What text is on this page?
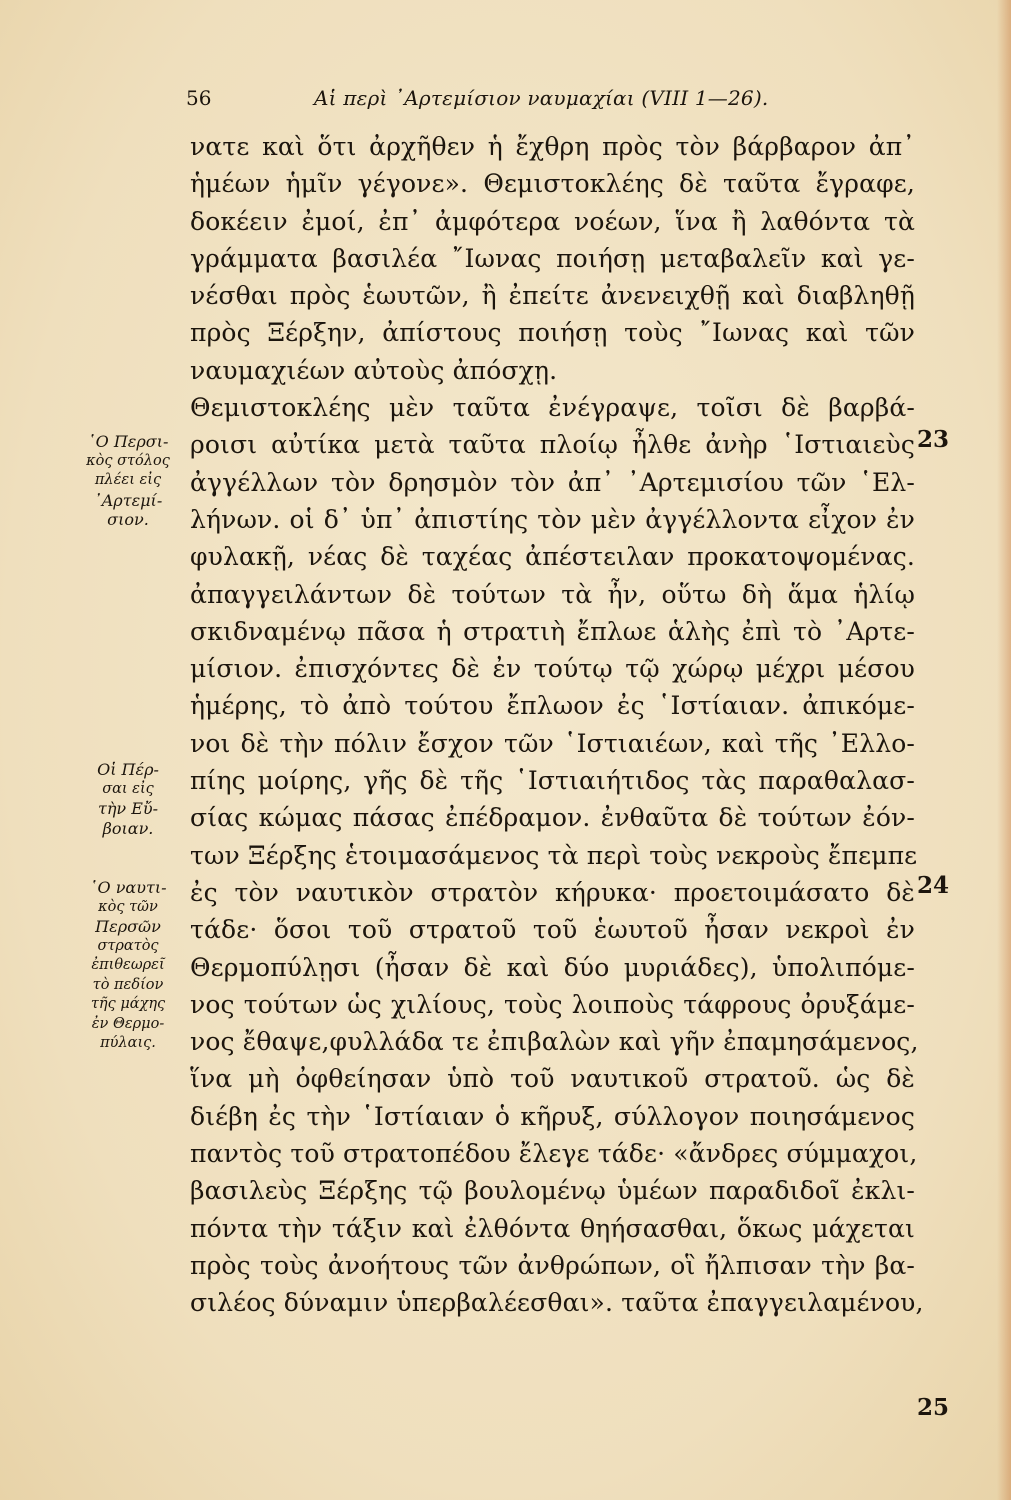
56	Αἱ περὶ ᾿Αρτεμίσιον ναυμαχίαι (VIII 1—26).
῾Ο Περσι-
κὸς στόλος
πλέει εἰς
᾿Αρτεμί-
σιον.
Οἱ Πέρ-
σαι εἰς
τὴν Εὔ-
βοιαν.
῾Ο ναυτι-
κὸς τῶν
Περσῶν
στρατὸς
ἐπιθεωρεῖ
τὸ πεδίον
τῆς μάχης
ἐν Θερμο-
πύλαις.
23
24
25
νατε καὶ ὅτι ἀρχῆθεν ἡ ἔχθρη πρὸς τὸν βάρβαρον ἀπ᾽
ἡμέων ἡμῖν γέγονε». Θεμιστοκλέης δὲ ταῦτα ἔγραφε,
δοκέειν ἐμοί, ἐπ᾽ ἀμφότερα νοέων, ἵνα ἢ λαθόντα τὰ
γράμματα βασιλέα ῎Ιωνας ποιήσῃ μεταβαλεῖν καὶ γε-
νέσθαι πρὸς ἑωυτῶν, ἢ ἐπείτε ἀνενειχθῇ καὶ διαβληθῇ
πρὸς Ξέρξην, ἀπίστους ποιήσῃ τοὺς ῎Ιωνας καὶ τῶν
ναυμαχιέων αὐτοὺς ἀπόσχῃ.
Θεμιστοκλέης μὲν ταῦτα ἐνέγραψε, τοῖσι δὲ βαρβά-
ροισι αὐτίκα μετὰ ταῦτα πλοίῳ ἦλθε ἀνὴρ ῾Ιστιαιεὺς
ἀγγέλλων τὸν δρησμὸν τὸν ἀπ᾽ ᾿Αρτεμισίου τῶν ῾Ελ-
λήνων. οἱ δ᾽ ὑπ᾽ ἀπιστίης τὸν μὲν ἀγγέλλοντα εἶχον ἐν
φυλακῇ, νέας δὲ ταχέας ἀπέστειλαν προκατοψομένας.
ἀπαγγειλάντων δὲ τούτων τὰ ἦν, οὕτω δὴ ἅμα ἡλίῳ
σκιδναμένῳ πᾶσα ἡ στρατιὴ ἔπλωε ἁλὴς ἐπὶ τὸ ᾿Αρτε-
μίσιον. ἐπισχόντες δὲ ἐν τούτῳ τῷ χώρῳ μέχρι μέσου
ἡμέρης, τὸ ἀπὸ τούτου ἔπλωον ἐς ῾Ιστίαιαν. ἀπικόμε-
νοι δὲ τὴν πόλιν ἔσχον τῶν ῾Ιστιαιέων, καὶ τῆς ᾿Ελλο-
πίης μοίρης, γῆς δὲ τῆς ῾Ιστιαιήτιδος τὰς παραθαλασ-
σίας κώμας πάσας ἐπέδραμον. ἐνθαῦτα δὲ τούτων ἐόν-
των Ξέρξης ἑτοιμασάμενος τὰ περὶ τοὺς νεκροὺς ἔπεμπε
ἐς τὸν ναυτικὸν στρατὸν κήρυκα· προετοιμάσατο δὲ
τάδε· ὅσοι τοῦ στρατοῦ τοῦ ἑωυτοῦ ἦσαν νεκροὶ ἐν
Θερμοπύλῃσι (ἦσαν δὲ καὶ δύο μυριάδες), ὑπολιπόμε-
νος τούτων ὡς χιλίους, τοὺς λοιποὺς τάφρους ὀρυξάμε-
νος ἔθαψε,φυλλάδα τε ἐπιβαλὼν καὶ γῆν ἐπαμησάμενος,
ἵνα μὴ ὀφθείησαν ὑπὸ τοῦ ναυτικοῦ στρατοῦ. ὡς δὲ
διέβη ἐς τὴν ῾Ιστίαιαν ὁ κῆρυξ, σύλλογον ποιησάμενος
παντὸς τοῦ στρατοπέδου ἔλεγε τάδε· «ἄνδρες σύμμαχοι,
βασιλεὺς Ξέρξης τῷ βουλομένῳ ὑμέων παραδιδοῖ ἐκλι-
πόντα τὴν τάξιν καὶ ἐλθόντα θηήσασθαι, ὅκως μάχεται
πρὸς τοὺς ἀνοήτους τῶν ἀνθρώπων, οἳ ἤλπισαν τὴν βα-
σιλέος δύναμιν ὑπερβαλέεσθαι». ταῦτα ἐπαγγειλαμένου,
